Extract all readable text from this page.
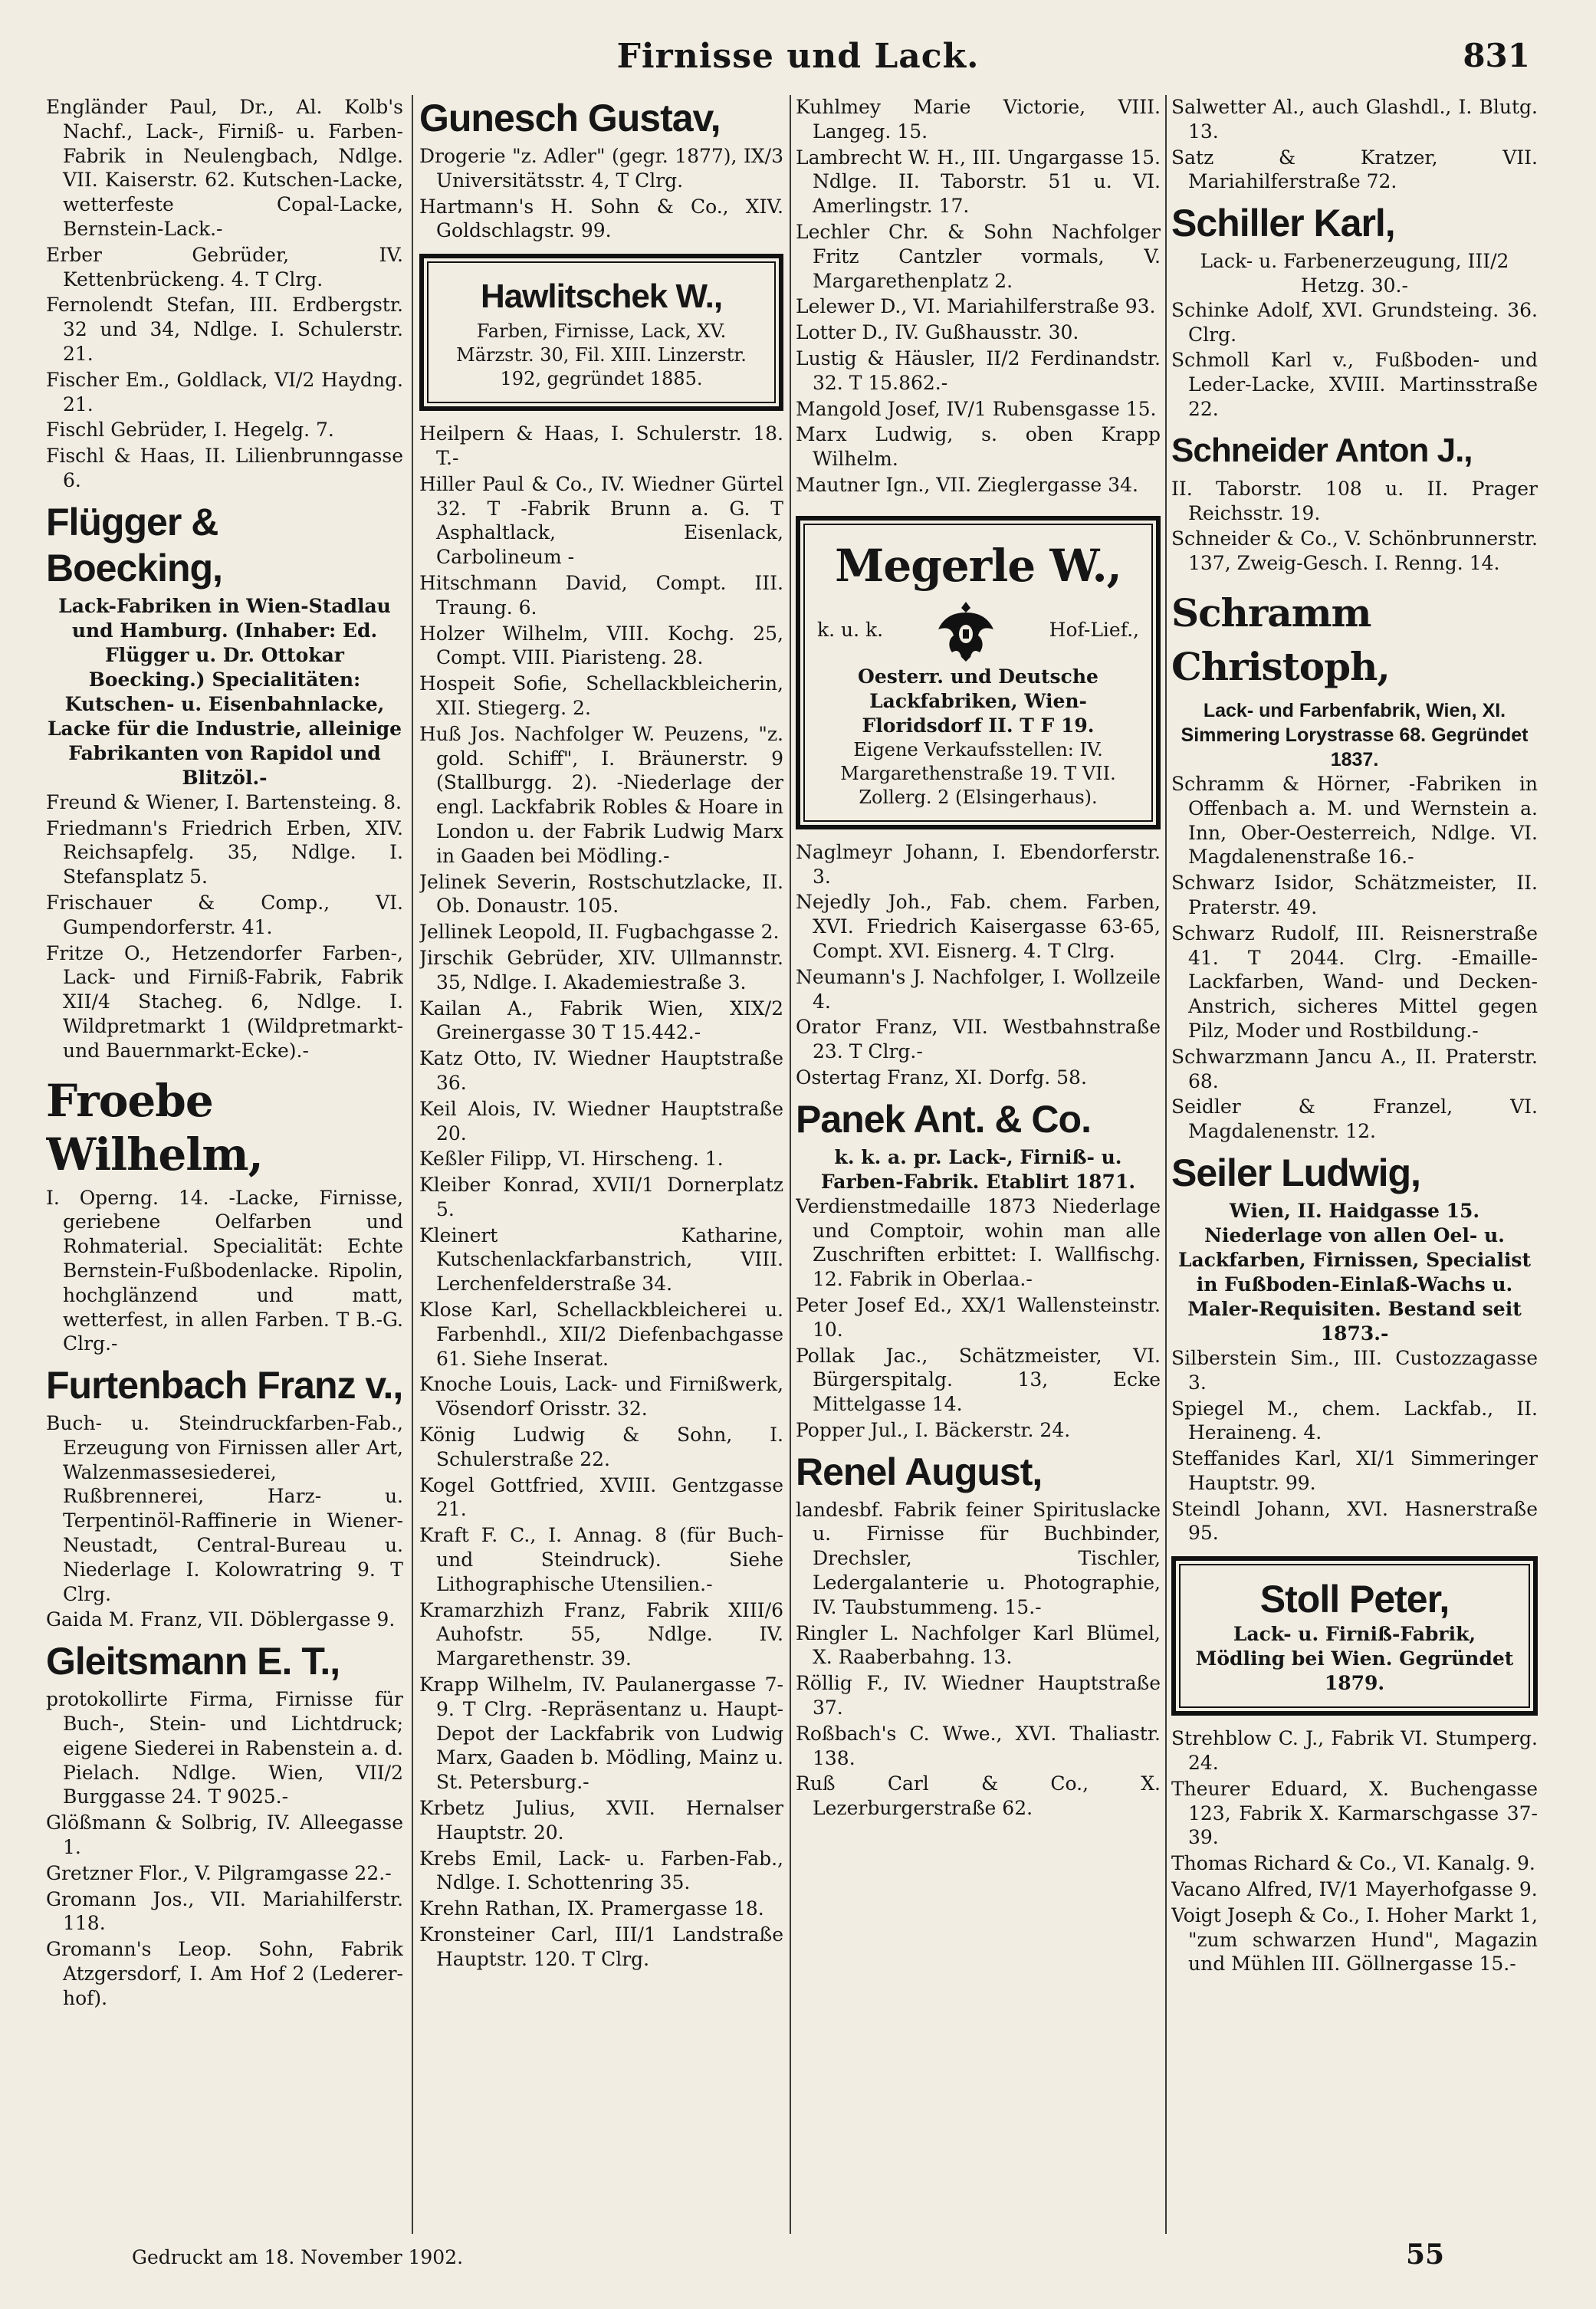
Firnisse und Lack.	831
Engländer Paul, Dr., Al. Kolb's Nachf., Lack-, Firniß- u. Farben-Fabrik in Neulengbach, Ndlge. VII. Kaiserstr. 62. Kutschen-Lacke, wetterfeste Copal-Lacke, Bernstein-Lack.-
Erber Gebrüder, IV. Kettenbrückeng. 4. T Clrg.
Fernolendt Stefan, III. Erdbergstr. 32 und 34, Ndlge. I. Schulerstr. 21.
Fischer Em., Goldlack, VI/2 Haydng. 21.
Fischl Gebrüder, I. Hegelg. 7.
Fischl & Haas, II. Lilienbrunngasse 6.
Flügger & Boecking,
Lack-Fabriken in Wien-Stadlau und Hamburg. (Inhaber: Ed. Flügger u. Dr. Ottokar Boecking.) Specialitäten: Kutschen- u. Eisenbahnlacke, Lacke für die Industrie, alleinige Fabrikanten von Rapidol und Blitzöl.-
Freund & Wiener, I. Bartensteing. 8.
Friedmann's Friedrich Erben, XIV. Reichsapfelg. 35, Ndlge. I. Stefansplatz 5.
Frischauer & Comp., VI. Gumpendorferstr. 41.
Fritze O., Hetzendorfer Farben-, Lack- und Firniß-Fabrik, Fabrik XII/4 Stacheg. 6, Ndlge. I. Wildpretmarkt 1 (Wildpretmarkt- und Bauernmarkt-Ecke).-
Froebe Wilhelm,
I. Operng. 14. -Lacke, Firnisse, geriebene Oelfarben und Rohmaterial. Specialität: Echte Bernstein-Fußbodenlacke. Ripolin, hochglänzend und matt, wetterfest, in allen Farben. T B.-G. Clrg.-
Furtenbach Franz v.,
Buch- u. Steindruckfarben-Fab., Erzeugung von Firnissen aller Art, Walzenmassesiederei, Rußbrennerei, Harz- u. Terpentinöl-Raffinerie in Wiener-Neustadt, Central-Bureau u. Niederlage I. Kolowratring 9. T Clrg.
Gaida M. Franz, VII. Döblergasse 9.
Gleitsmann E. T.,
protokollirte Firma, Firnisse für Buch-, Stein- und Lichtdruck; eigene Siederei in Rabenstein a. d. Pielach. Ndlge. Wien, VII/2 Burggasse 24. T 9025.-
Glößmann & Solbrig, IV. Alleegasse 1.
Gretzner Flor., V. Pilgramgasse 22.-
Gromann Jos., VII. Mariahilferstr. 118.
Gromann's Leop. Sohn, Fabrik Atzgersdorf, I. Am Hof 2 (Lederer-hof).
Gunesch Gustav,
Drogerie "z. Adler" (gegr. 1877), IX/3 Universitätsstr. 4, T Clrg.
Hartmann's H. Sohn & Co., XIV. Goldschlagstr. 99.
Hawlitschek W.,
Farben, Firnisse, Lack, XV. Märzstr. 30, Fil. XIII. Linzerstr. 192, gegründet 1885.
Heilpern & Haas, I. Schulerstr. 18. T.-
Hiller Paul & Co., IV. Wiedner Gürtel 32. T -Fabrik Brunn a. G. T Asphaltlack, Eisenlack, Carbolineum -
Hitschmann David, Compt. III. Traung. 6.
Holzer Wilhelm, VIII. Kochg. 25, Compt. VIII. Piaristeng. 28.
Hospeit Sofie, Schellackbleicherin, XII. Stiegerg. 2.
Huß Jos. Nachfolger W. Peuzens, "z. gold. Schiff", I. Bräunerstr. 9 (Stallburgg. 2). -Niederlage der engl. Lackfabrik Robles & Hoare in London u. der Fabrik Ludwig Marx in Gaaden bei Mödling.-
Jelinek Severin, Rostschutzlacke, II. Ob. Donaustr. 105.
Jellinek Leopold, II. Fugbachgasse 2.
Jirschik Gebrüder, XIV. Ullmannstr. 35, Ndlge. I. Akademiestraße 3.
Kailan A., Fabrik Wien, XIX/2 Greinergasse 30 T 15.442.-
Katz Otto, IV. Wiedner Hauptstraße 36.
Keil Alois, IV. Wiedner Hauptstraße 20.
Keßler Filipp, VI. Hirscheng. 1.
Kleiber Konrad, XVII/1 Dornerplatz 5.
Kleinert Katharine, Kutschenlackfarbanstrich, VIII. Lerchenfelderstraße 34.
Klose Karl, Schellackbleicherei u. Farbenhdl., XII/2 Diefenbachgasse 61. Siehe Inserat.
Knoche Louis, Lack- und Firnißwerk, Vösendorf Orisstr. 32.
König Ludwig & Sohn, I. Schulerstraße 22.
Kogel Gottfried, XVIII. Gentzgasse 21.
Kraft F. C., I. Annag. 8 (für Buch- und Steindruck). Siehe Lithographische Utensilien.-
Kramarzhizh Franz, Fabrik XIII/6 Auhofstr. 55, Ndlge. IV. Margarethenstr. 39.
Krapp Wilhelm, IV. Paulanergasse 7-9. T Clrg. -Repräsentanz u. Haupt-Depot der Lackfabrik von Ludwig Marx, Gaaden b. Mödling, Mainz u. St. Petersburg.-
Krbetz Julius, XVII. Hernalser Hauptstr. 20.
Krebs Emil, Lack- u. Farben-Fab., Ndlge. I. Schottenring 35.
Krehn Rathan, IX. Pramergasse 18.
Kronsteiner Carl, III/1 Landstraße Hauptstr. 120. T Clrg.
Kuhlmey Marie Victorie, VIII. Langeg. 15.
Lambrecht W. H., III. Ungargasse 15. Ndlge. II. Taborstr. 51 u. VI. Amerlingstr. 17.
Lechler Chr. & Sohn Nachfolger Fritz Cantzler vormals, V. Margarethenplatz 2.
Lelewer D., VI. Mariahilferstraße 93.
Lotter D., IV. Gußhausstr. 30.
Lustig & Häusler, II/2 Ferdinandstr. 32. T 15.862.-
Mangold Josef, IV/1 Rubensgasse 15.
Marx Ludwig, s. oben Krapp Wilhelm.
Mautner Ign., VII. Zieglergasse 34.
Megerle W.,
k. u. k.	Hof-Lief.,
Oesterr. und Deutsche Lackfabriken, Wien-Floridsdorf II. T F 19.
Eigene Verkaufsstellen: IV. Margarethenstraße 19. T VII. Zollerg. 2 (Elsingerhaus).
Naglmeyr Johann, I. Ebendorferstr. 3.
Nejedly Joh., Fab. chem. Farben, XVI. Friedrich Kaisergasse 63-65, Compt. XVI. Eisnerg. 4. T Clrg.
Neumann's J. Nachfolger, I. Wollzeile 4.
Orator Franz, VII. Westbahnstraße 23. T Clrg.-
Ostertag Franz, XI. Dorfg. 58.
Panek Ant. & Co.
k. k. a. pr. Lack-, Firniß- u. Farben-Fabrik. Etablirt 1871.
Verdienstmedaille 1873 Niederlage und Comptoir, wohin man alle Zuschriften erbittet: I. Wallfischg. 12. Fabrik in Oberlaa.-
Peter Josef Ed., XX/1 Wallensteinstr. 10.
Pollak Jac., Schätzmeister, VI. Bürgerspitalg. 13, Ecke Mittelgasse 14.
Popper Jul., I. Bäckerstr. 24.
Renel August,
landesbf. Fabrik feiner Spirituslacke u. Firnisse für Buchbinder, Drechsler, Tischler, Ledergalanterie u. Photographie, IV. Taubstummeng. 15.-
Ringler L. Nachfolger Karl Blümel, X. Raaberbahng. 13.
Röllig F., IV. Wiedner Hauptstraße 37.
Roßbach's C. Wwe., XVI. Thaliastr. 138.
Ruß Carl & Co., X. Lezerburgerstraße 62.
Salwetter Al., auch Glashdl., I. Blutg. 13.
Satz & Kratzer, VII. Mariahilferstraße 72.
Schiller Karl,
Lack- u. Farbenerzeugung, III/2 Hetzg. 30.-
Schinke Adolf, XVI. Grundsteing. 36. Clrg.
Schmoll Karl v., Fußboden- und Leder-Lacke, XVIII. Martinsstraße 22.
Schneider Anton J.,
II. Taborstr. 108 u. II. Prager Reichsstr. 19.
Schneider & Co., V. Schönbrunnerstr. 137, Zweig-Gesch. I. Renng. 14.
Schramm Christoph,
Lack- und Farbenfabrik, Wien, XI. Simmering Lorystrasse 68. Gegründet 1837.
Schramm & Hörner, -Fabriken in Offenbach a. M. und Wernstein a. Inn, Ober-Oesterreich, Ndlge. VI. Magdalenenstraße 16.-
Schwarz Isidor, Schätzmeister, II. Praterstr. 49.
Schwarz Rudolf, III. Reisnerstraße 41. T 2044. Clrg. -Emaille-Lackfarben, Wand- und Decken-Anstrich, sicheres Mittel gegen Pilz, Moder und Rostbildung.-
Schwarzmann Jancu A., II. Praterstr. 68.
Seidler & Franzel, VI. Magdalenenstr. 12.
Seiler Ludwig,
Wien, II. Haidgasse 15. Niederlage von allen Oel- u. Lackfarben, Firnissen, Specialist in Fußboden-Einlaß-Wachs u. Maler-Requisiten. Bestand seit 1873.-
Silberstein Sim., III. Custozzagasse 3.
Spiegel M., chem. Lackfab., II. Heraineng. 4.
Steffanides Karl, XI/1 Simmeringer Hauptstr. 99.
Steindl Johann, XVI. Hasnerstraße 95.
Stoll Peter,
Lack- u. Firniß-Fabrik, Mödling bei Wien. Gegründet 1879.
Strehblow C. J., Fabrik VI. Stumperg. 24.
Theurer Eduard, X. Buchengasse 123, Fabrik X. Karmarschgasse 37-39.
Thomas Richard & Co., VI. Kanalg. 9.
Vacano Alfred, IV/1 Mayerhofgasse 9.
Voigt Joseph & Co., I. Hoher Markt 1, "zum schwarzen Hund", Magazin und Mühlen III. Göllnergasse 15.-
Gedruckt am 18. November 1902.	55
